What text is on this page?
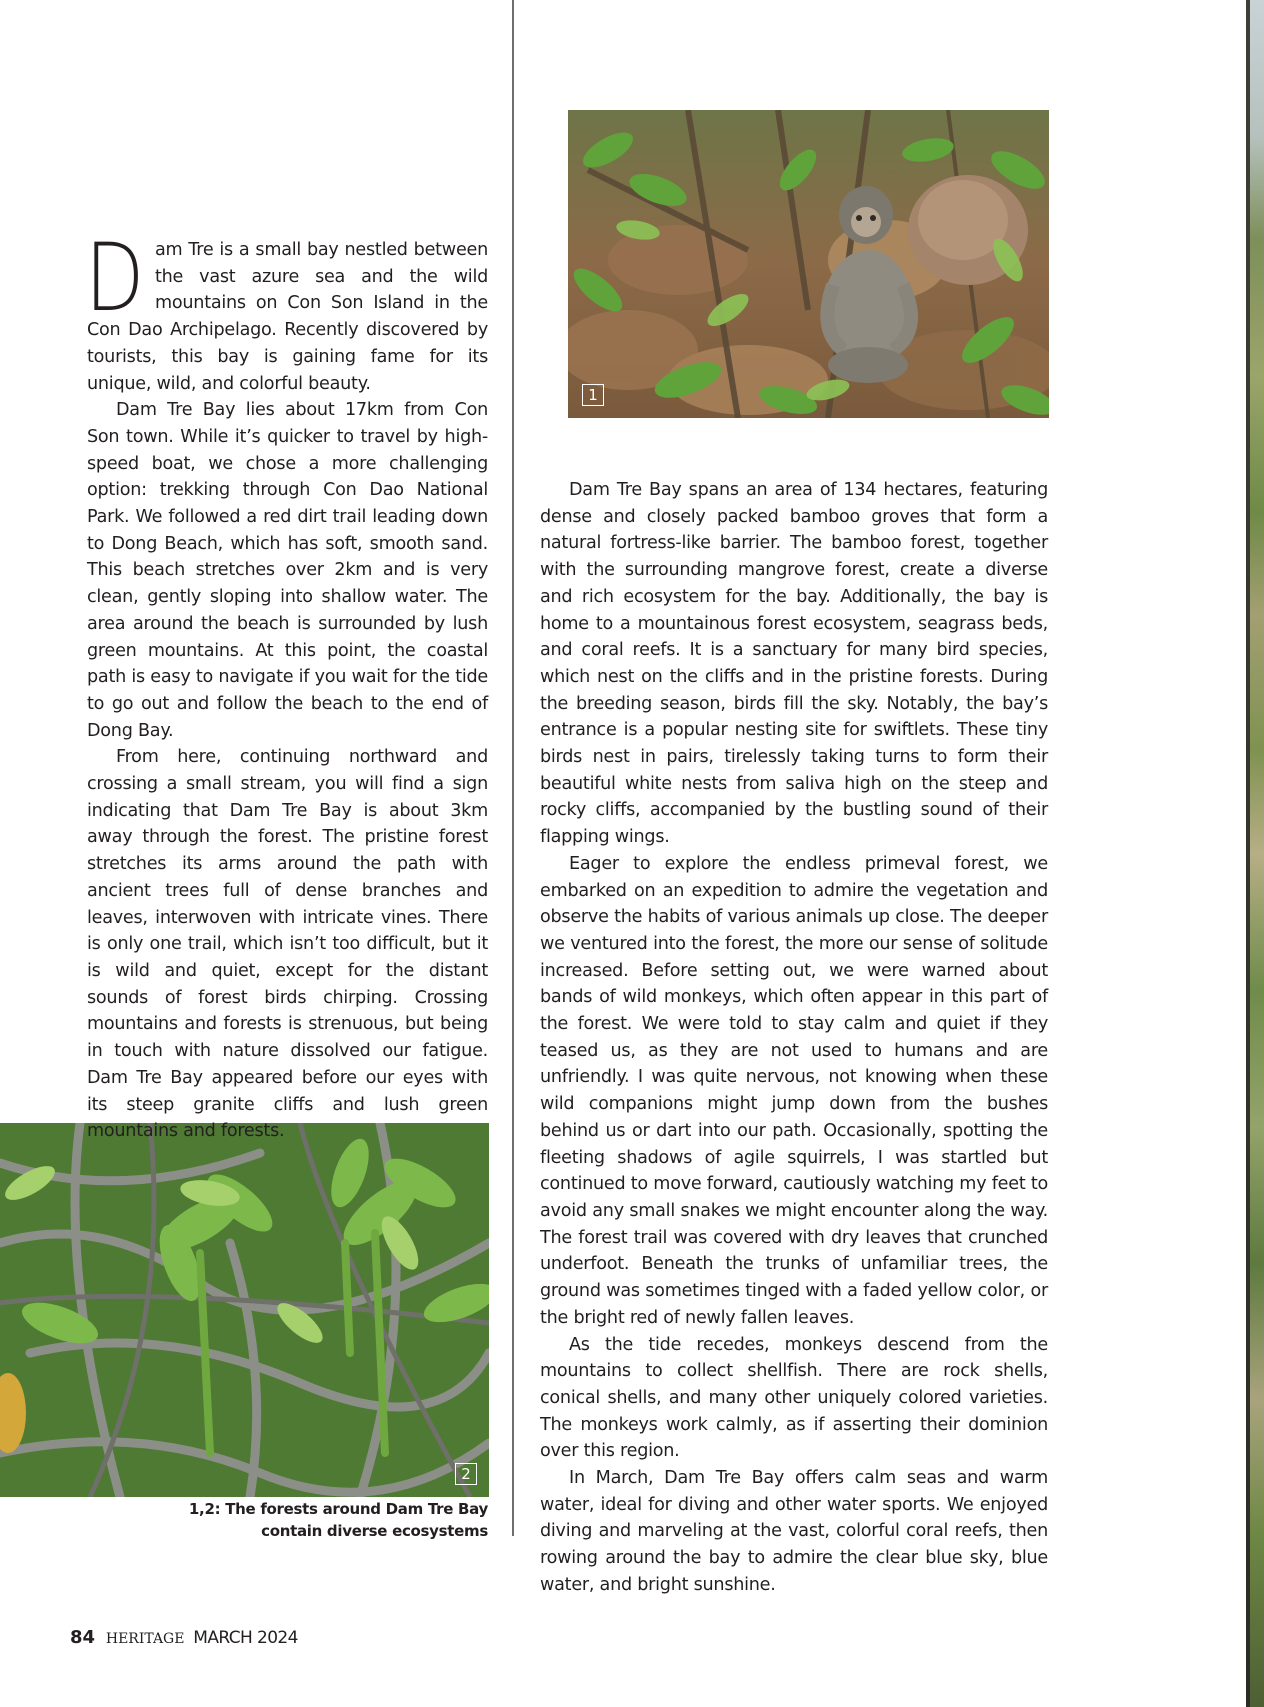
1
2

Dam Tre is a small bay nestled between the vast azure sea and the wild mountains on Con Son Island in the Con Dao Archipelago. Recently discovered by tourists, this bay is gaining fame for its unique, wild, and colorful beauty.

Dam Tre Bay lies about 17km from Con Son town. While it’s quicker to travel by high-speed boat, we chose a more challenging option: trekking through Con Dao National Park. We followed a red dirt trail leading down to Dong Beach, which has soft, smooth sand. This beach stretches over 2km and is very clean, gently sloping into shallow water. The area around the beach is surrounded by lush green mountains. At this point, the coastal path is easy to navigate if you wait for the tide to go out and follow the beach to the end of Dong Bay.

From here, continuing northward and crossing a small stream, you will find a sign indicating that Dam Tre Bay is about 3km away through the forest. The pristine forest stretches its arms around the path with ancient trees full of dense branches and leaves, interwoven with intricate vines. There is only one trail, which isn’t too difficult, but it is wild and quiet, except for the distant sounds of forest birds chirping. Crossing mountains and forests is strenuous, but being in touch with nature dissolved our fatigue. Dam Tre Bay appeared before our eyes with its steep granite cliffs and lush green mountains and forests.

Dam Tre Bay spans an area of 134 hectares, featuring dense and closely packed bamboo groves that form a natural fortress-like barrier. The bamboo forest, together with the surrounding mangrove forest, create a diverse and rich ecosystem for the bay. Additionally, the bay is home to a mountainous forest ecosystem, seagrass beds, and coral reefs. It is a sanctuary for many bird species, which nest on the cliffs and in the pristine forests. During the breeding season, birds fill the sky. Notably, the bay’s entrance is a popular nesting site for swiftlets. These tiny birds nest in pairs, tirelessly taking turns to form their beautiful white nests from saliva high on the steep and rocky cliffs, accompanied by the bustling sound of their flapping wings.

Eager to explore the endless primeval forest, we embarked on an expedition to admire the vegetation and observe the habits of various animals up close. The deeper we ventured into the forest, the more our sense of solitude increased. Before setting out, we were warned about bands of wild monkeys, which often appear in this part of the forest. We were told to stay calm and quiet if they teased us, as they are not used to humans and are unfriendly. I was quite nervous, not knowing when these wild companions might jump down from the bushes behind us or dart into our path. Occasionally, spotting the fleeting shadows of agile squirrels, I was startled but continued to move forward, cautiously watching my feet to avoid any small snakes we might encounter along the way. The forest trail was covered with dry leaves that crunched underfoot. Beneath the trunks of unfamiliar trees, the ground was sometimes tinged with a faded yellow color, or the bright red of newly fallen leaves.

As the tide recedes, monkeys descend from the mountains to collect shellfish. There are rock shells, conical shells, and many other uniquely colored varieties. The monkeys work calmly, as if asserting their dominion over this region.

In March, Dam Tre Bay offers calm seas and warm water, ideal for diving and other water sports. We enjoyed diving and marveling at the vast, colorful coral reefs, then rowing around the bay to admire the clear blue sky, blue water, and bright sunshine.

1,2: The forests around Dam Tre Bay
contain diverse ecosystems
84 HERITAGE MARCH 2024
